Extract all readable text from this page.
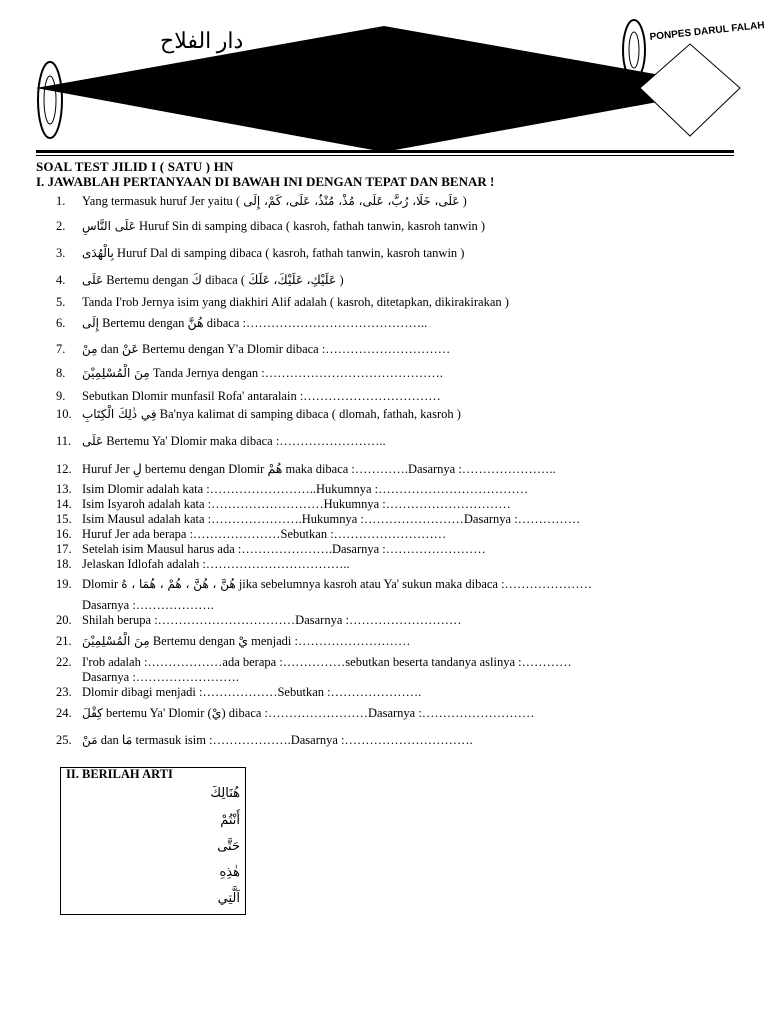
PONPES DARUL FALAH
دار الفلاح
SOAL TEST JILID I ( SATU ) HN
I. JAWABLAH PERTANYAAN DI BAWAH INI DENGAN TEPAT DAN BENAR !
1. Yang termasuk huruf Jer yaitu ( عَلَى، خَلَا، رُبَّ، عَلَى، مُذْ، مُنْذُ، عَلَى، كَمْ، إِلَى )
2. عَلَى النَّاسِ Huruf Sin di samping dibaca ( kasroh, fathah tanwin, kasroh tanwin )
3. بِالْهُدَى Huruf Dal di samping dibaca ( kasroh, fathah tanwin, kasroh tanwin )
4. عَلَى Bertemu dengan كَ dibaca ( عَلَيْكِ، عَلَيْكَ، عَلَكَ )
5. Tanda I'rob Jernya isim yang diakhiri Alif adalah ( kasroh, ditetapkan, dikirakirakan )
6. إِلَى Bertemu dengan هُنَّ dibaca :……………………………………..
7. مِنْ dan عَنْ Bertemu dengan Y'a Dlomir dibaca :…………………………
8. مِنَ الْمُسْلِمِيْنَ Tanda Jernya dengan :…………………………………….
9. Sebutkan Dlomir munfasil Rofa' antaralain :……………………………
10. فِي ذٰلِكَ الْكِتَابِ Ba'nya kalimat di samping dibaca ( dlomah, fathah, kasroh )
11. عَلَى Bertemu Ya' Dlomir maka dibaca :……………………..
12. Huruf Jer لِ bertemu dengan Dlomir هُمْ maka dibaca :………….Dasarnya :…………………..
13. Isim Dlomir adalah kata :……………………..Hukumnya :………………………………
14. Isim Isyaroh adalah kata :………………………Hukumnya :…………………………
15. Isim Mausul adalah kata :………………….Hukumnya :……………………Dasarnya :……………
16. Huruf Jer ada berapa :…………………Sebutkan :………………………
17. Setelah isim Mausul harus ada :………………….Dasarnya :……………………
18. Jelaskan Idlofah adalah :……………………………..
19. Dlomir هُنَّ ، هُنَّ ، هُمْ ، هُمَا ، هُ jika sebelumnya kasroh atau Ya' sukun maka dibaca :…………………
20. Shilah berupa :……………………………Dasarnya :………………………
21. مِنَ الْمُسْلِمِيْنَ Bertemu dengan يْ menjadi :………………………
22. I'rob adalah :………………ada berapa :……………sebutkan beserta tandanya aslinya :…………
23. Dlomir dibagi menjadi :………………Sebutkan :………………….
24. كِفْلَ bertemu Ya' Dlomir (يْ) dibaca :……………………Dasarnya :………………………
25. مَنْ dan مَا termasuk isim :……………….Dasarnya :………………………….
Dasarnya :……………….
Dasarnya :…………………….
II. BERILAH ARTI
هُنَالِكَ
أَنْتُمْ
حَتَّى
هٰذِهِ
اَلَّتِي
